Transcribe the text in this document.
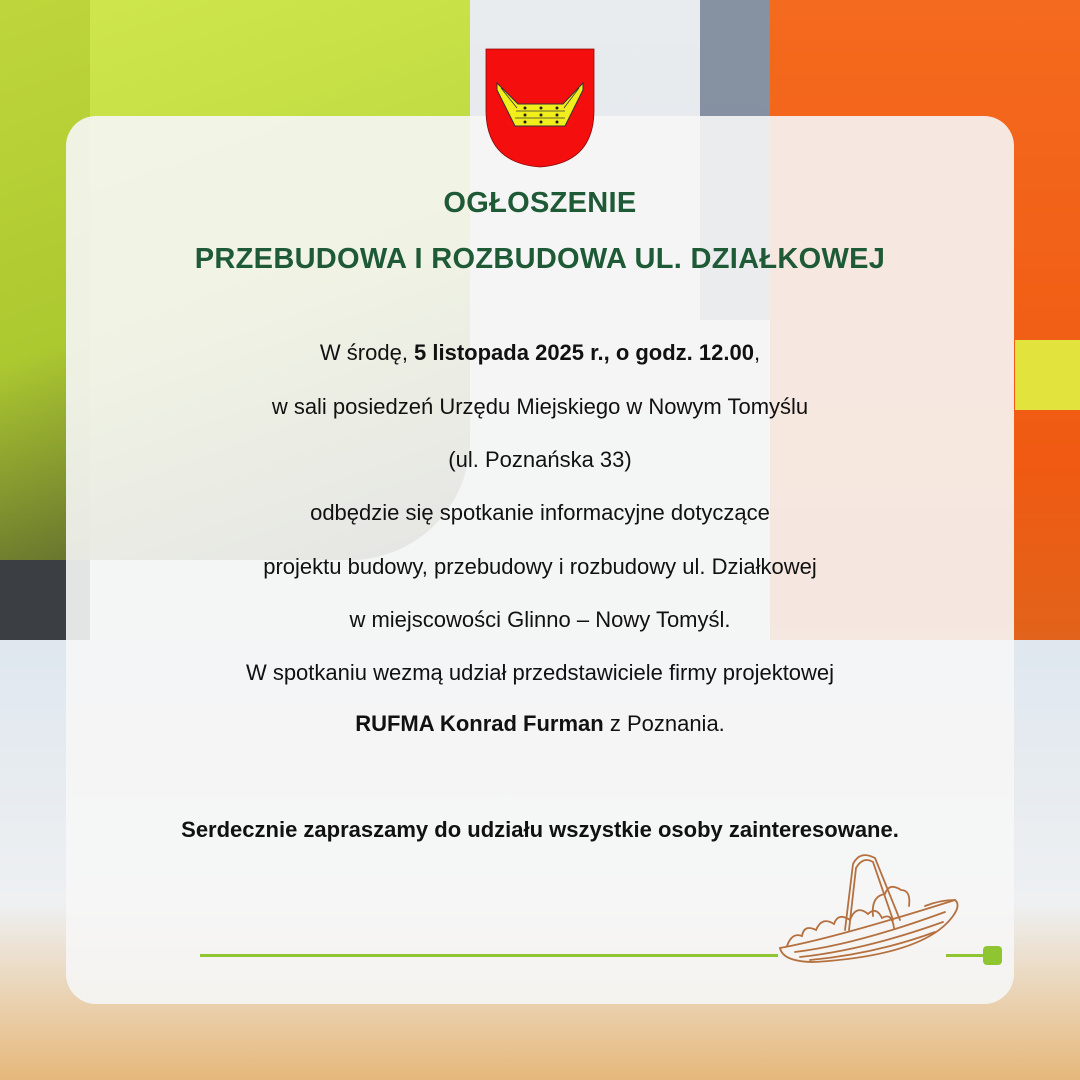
OGŁOSZENIE
PRZEBUDOWA I ROZBUDOWA UL. DZIAŁKOWEJ
W środę, 5 listopada 2025 r., o godz. 12.00,
w sali posiedzeń Urzędu Miejskiego w Nowym Tomyślu
(ul. Poznańska 33)
odbędzie się spotkanie informacyjne dotyczące
projektu budowy, przebudowy i rozbudowy ul. Działkowej
w miejscowości Glinno – Nowy Tomyśl.
W spotkaniu wezmą udział przedstawiciele firmy projektowej
RUFMA Konrad Furman z Poznania.
Serdecznie zapraszamy do udziału wszystkie osoby zainteresowane.
